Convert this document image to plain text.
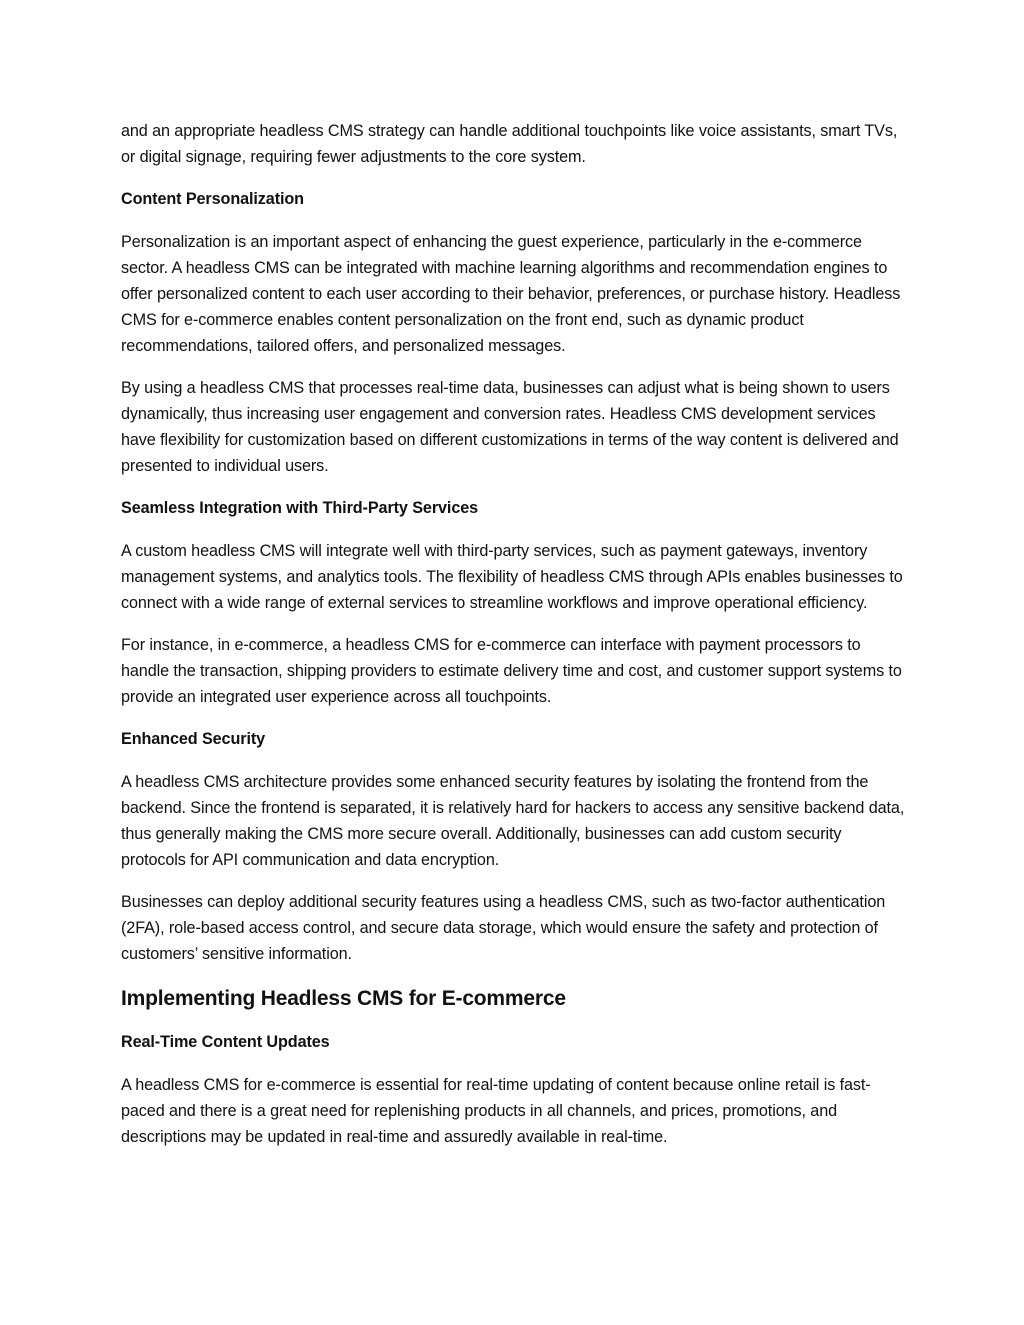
and an appropriate headless CMS strategy can handle additional touchpoints like voice assistants, smart TVs, or digital signage, requiring fewer adjustments to the core system.

Content Personalization

Personalization is an important aspect of enhancing the guest experience, particularly in the e-commerce sector. A headless CMS can be integrated with machine learning algorithms and recommendation engines to offer personalized content to each user according to their behavior, preferences, or purchase history. Headless CMS for e-commerce enables content personalization on the front end, such as dynamic product recommendations, tailored offers, and personalized messages.

By using a headless CMS that processes real-time data, businesses can adjust what is being shown to users dynamically, thus increasing user engagement and conversion rates. Headless CMS development services have flexibility for customization based on different customizations in terms of the way content is delivered and presented to individual users.

Seamless Integration with Third-Party Services

A custom headless CMS will integrate well with third-party services, such as payment gateways, inventory management systems, and analytics tools. The flexibility of headless CMS through APIs enables businesses to connect with a wide range of external services to streamline workflows and improve operational efficiency.

For instance, in e-commerce, a headless CMS for e-commerce can interface with payment processors to handle the transaction, shipping providers to estimate delivery time and cost, and customer support systems to provide an integrated user experience across all touchpoints.

Enhanced Security

A headless CMS architecture provides some enhanced security features by isolating the frontend from the backend. Since the frontend is separated, it is relatively hard for hackers to access any sensitive backend data, thus generally making the CMS more secure overall. Additionally, businesses can add custom security protocols for API communication and data encryption.

Businesses can deploy additional security features using a headless CMS, such as two-factor authentication (2FA), role-based access control, and secure data storage, which would ensure the safety and protection of customers’ sensitive information.

Implementing Headless CMS for E-commerce
Real-Time Content Updates

A headless CMS for e-commerce is essential for real-time updating of content because online retail is fast-paced and there is a great need for replenishing products in all channels, and prices, promotions, and descriptions may be updated in real-time and assuredly available in real-time.
